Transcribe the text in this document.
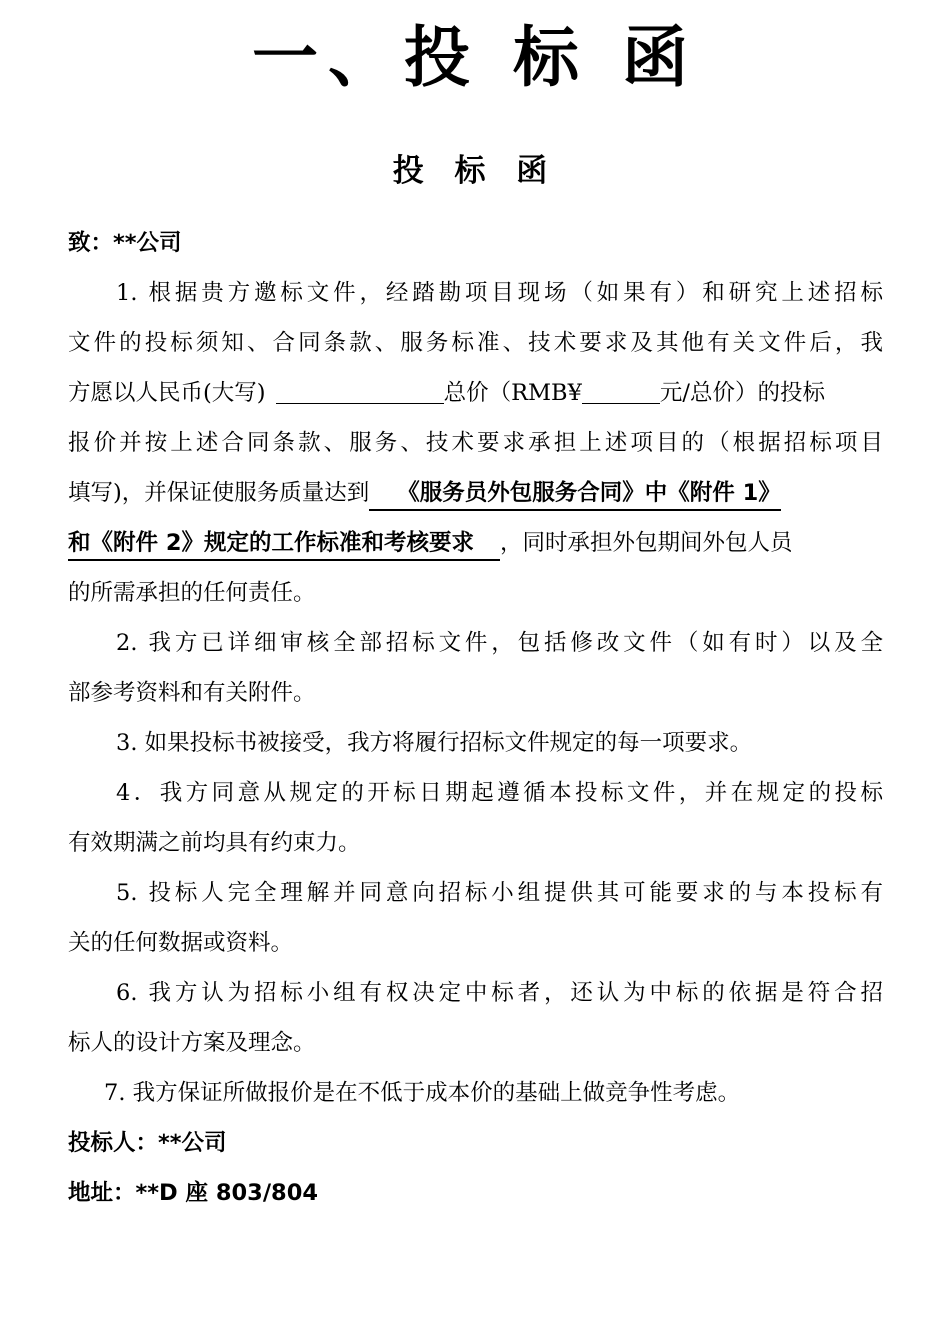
一、投 标 函
投 标 函
致：**公司
1. 根据贵方邀标文件，经踏勘项目现场（如果有）和研究上述招标
文件的投标须知、合同条款、服务标准、技术要求及其他有关文件后，我
方愿以人民币(大写)	总价（RMB¥	元/总价）的投标
报价并按上述合同条款、服务、技术要求承担上述项目的（根据招标项目
填写)，并保证使服务质量达到 《服务员外包服务合同》中《附件 1》
和《附件 2》规定的工作标准和考核要求 ，同时承担外包期间外包人员
的所需承担的任何责任。
2. 我方已详细审核全部招标文件，包括修改文件（如有时）以及全
部参考资料和有关附件。
3. 如果投标书被接受，我方将履行招标文件规定的每一项要求。
4．我方同意从规定的开标日期起遵循本投标文件，并在规定的投标
有效期满之前均具有约束力。
5. 投标人完全理解并同意向招标小组提供其可能要求的与本投标有
关的任何数据或资料。
6. 我方认为招标小组有权决定中标者，还认为中标的依据是符合招
标人的设计方案及理念。
7. 我方保证所做报价是在不低于成本价的基础上做竞争性考虑。
投标人：**公司
地址：**D 座 803/804
